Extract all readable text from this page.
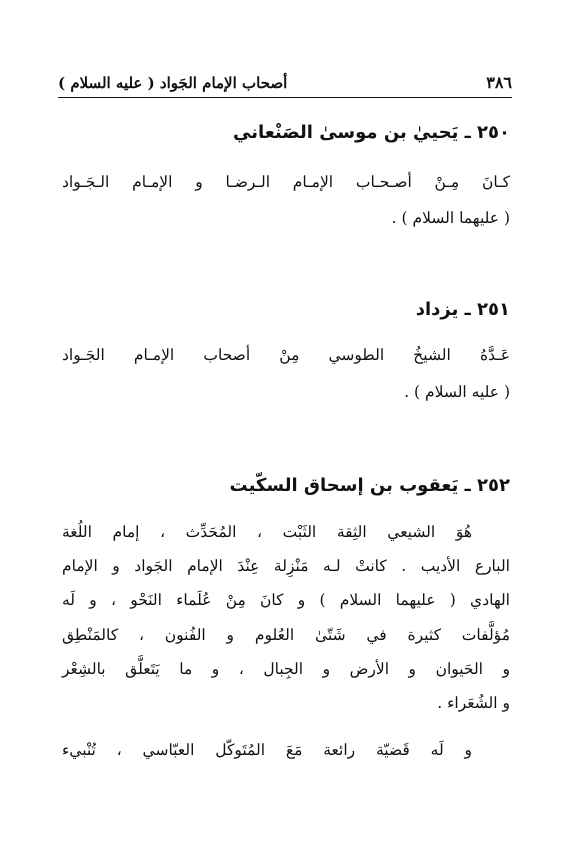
٣٨٦
أصحاب الإمام الجَواد ( عليه السلام )
٢٥٠ ـ يَحييٰ بن موسىٰ الصَنْعاني
كـانَ مِـنْ أصـحـاب الإمـام الـرضـا و الإمـام الـجَـواد
( عليهما السلام ) .
٢٥١ ـ يزداد
عَـدَّهُ الشيخُ الطوسي مِنْ أصحاب الإمـام الجَـواد
( عليه السلام ) .
٢٥٢ ـ يَعقوب بن إسحاق السكّيت
هُوَ الشيعي الثِقة الثَبْت ، المُحَدِّث ، إمام اللُغة
البارع الأديب . كانتْ لـه مَنْزِلة عِنْدَ الإمام الجَواد و الإمام
الهادي ( عليهما السلام ) و كانَ مِنْ عُلَماء النَحْو ، و لَه
مُؤلَّفات كثيرة في شَتّىٰ العُلوم و الفُنون ، كالمَنْطِق
و الحَيوان و الأرض و الجِبال ، و ما يَتَعلَّق بالشِعْر
و الشُعَراء .
و لَه قَضيّة رائعة مَعَ المُتَوكّل العبّاسي ، تُنْبيء
